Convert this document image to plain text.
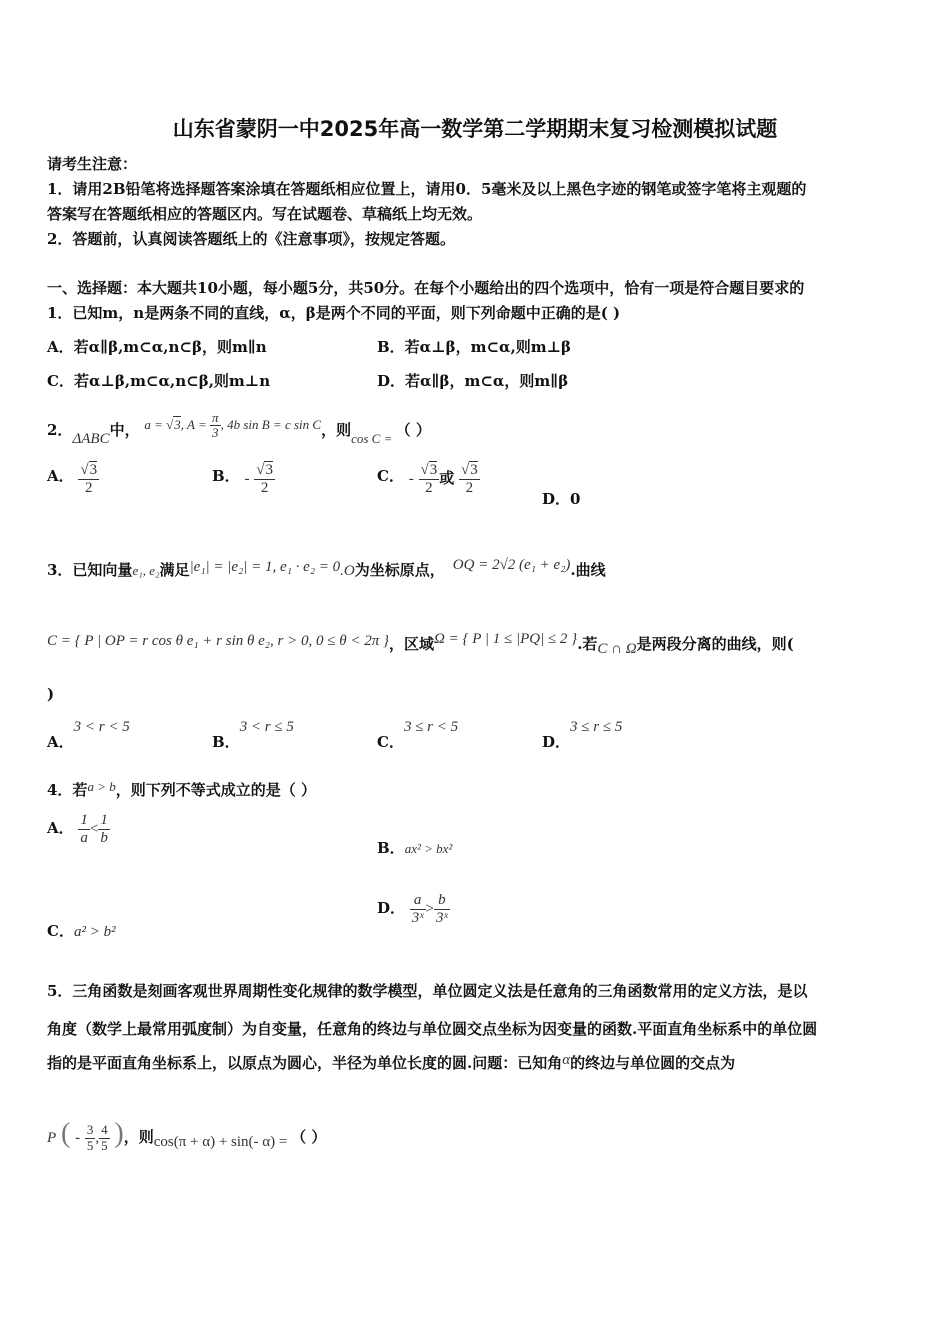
山东省蒙阴一中2025年高一数学第二学期期末复习检测模拟试题
请考生注意：
1．请用2B铅笔将选择题答案涂填在答题纸相应位置上，请用0．5毫米及以上黑色字迹的钢笔或签字笔将主观题的
答案写在答题纸相应的答题区内。写在试题卷、草稿纸上均无效。
2．答题前，认真阅读答题纸上的《注意事项》，按规定答题。
一、选择题：本大题共10小题，每小题5分，共50分。在每个小题给出的四个选项中，恰有一项是符合题目要求的
1．已知m，n是两条不同的直线，α，β是两个不同的平面，则下列命题中正确的是( )
A．若α∥β,m⊂α,n⊂β，则m∥n	B．若α⊥β，m⊂α,则m⊥β
C．若α⊥β,m⊂α,n⊂β,则m⊥n	D．若α∥β，m⊂α，则m∥β
2．ΔABC中， a = √3, $A = \frac{\pi}{3}$ , 4b sin B = c sin C，则cos C = （ ）
A． $\frac{√3}{2}$	B． - $\frac{√3}{2}$	C． - $\frac{√3}{2}$ 或 $\frac{√3}{2}$
D．0
3．已知向量e₁, e₂满足|e₁| = |e₂| = 1, e₁ · e₂ = 0.O为坐标原点， OQ = 2√2 (e₁ + e₂).曲线
C = { P | OP = r cos θ e₁ + r sin θ e₂, r > 0, 0 ≤ θ < 2π }，区域Ω = { P | 1 ≤ |PQ| ≤ 2 }.若C ∩ Ω是两段分离的曲线，则(
)
A．3 < r < 5
B．3 < r ≤ 5
C．3 ≤ r < 5
D．3 ≤ r ≤ 5
4．若a > b，则下列不等式成立的是（ ）
A． $\frac{1}{a} < \frac{1}{b}$
B．ax² > bx²
C．a² > b²
D． $\frac{a}{\text{3ˣ}} > \frac{b}{\text{3ˣ}}$
5．三角函数是刻画客观世界周期性变化规律的数学模型，单位圆定义法是任意角的三角函数常用的定义方法，是以
角度（数学上最常用弧度制）为自变量，任意角的终边与单位圆交点坐标为因变量的函数.平面直角坐标系中的单位圆
指的是平面直角坐标系上，以原点为圆心，半径为单位长度的圆.问题：已知角α的终边与单位圆的交点为
P ( - $\frac{3}{5}$ , $\frac{4}{5}$ )，则cos(π + α) + sin(- α) = （ ）
